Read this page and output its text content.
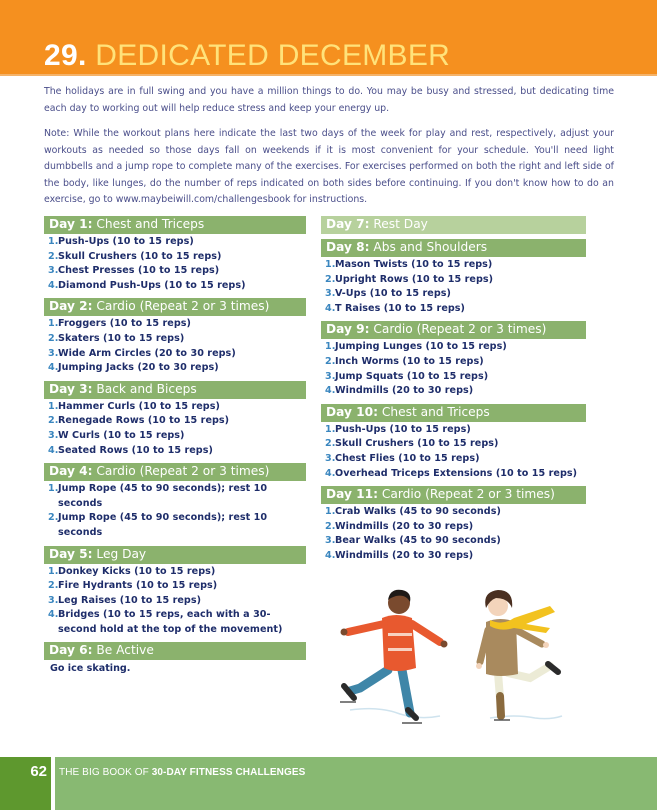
29. DEDICATED DECEMBER

The holidays are in full swing and you have a million things to do. You may be busy and stressed, but dedicating time each day to working out will help reduce stress and keep your energy up.

Note: While the workout plans here indicate the last two days of the week for play and rest, respectively, adjust your workouts as needed so those days fall on weekends if it is most convenient for your schedule. You'll need light dumbbells and a jump rope to complete many of the exercises. For exercises performed on both the right and left side of the body, like lunges, do the number of reps indicated on both sides before continuing. If you don't know how to do an exercise, go to www.maybeiwill.com/challengesbook for instructions.

Day 1: Chest and Triceps
1. Push-Ups (10 to 15 reps)
2. Skull Crushers (10 to 15 reps)
3. Chest Presses (10 to 15 reps)
4. Diamond Push-Ups (10 to 15 reps)
Day 2: Cardio (Repeat 2 or 3 times)
1. Froggers (10 to 15 reps)
2. Skaters (10 to 15 reps)
3. Wide Arm Circles (20 to 30 reps)
4. Jumping Jacks (20 to 30 reps)
Day 3: Back and Biceps
1. Hammer Curls (10 to 15 reps)
2. Renegade Rows (10 to 15 reps)
3. W Curls (10 to 15 reps)
4. Seated Rows (10 to 15 reps)
Day 4: Cardio (Repeat 2 or 3 times)
1. Jump Rope (45 to 90 seconds); rest 10 seconds
2. Jump Rope (45 to 90 seconds); rest 10 seconds
Day 5: Leg Day
1. Donkey Kicks (10 to 15 reps)
2. Fire Hydrants (10 to 15 reps)
3. Leg Raises (10 to 15 reps)
4. Bridges (10 to 15 reps, each with a 30-second hold at the top of the movement)
Day 6: Be Active
Go ice skating.
Day 7: Rest Day
Day 8: Abs and Shoulders
1. Mason Twists (10 to 15 reps)
2. Upright Rows (10 to 15 reps)
3. V-Ups (10 to 15 reps)
4. T Raises (10 to 15 reps)
Day 9: Cardio (Repeat 2 or 3 times)
1. Jumping Lunges (10 to 15 reps)
2. Inch Worms (10 to 15 reps)
3. Jump Squats (10 to 15 reps)
4. Windmills (20 to 30 reps)
Day 10: Chest and Triceps
1. Push-Ups (10 to 15 reps)
2. Skull Crushers (10 to 15 reps)
3. Chest Flies (10 to 15 reps)
4. Overhead Triceps Extensions (10 to 15 reps)
Day 11: Cardio (Repeat 2 or 3 times)
1. Crab Walks (45 to 90 seconds)
2. Windmills (20 to 30 reps)
3. Bear Walks (45 to 90 seconds)
4. Windmills (20 to 30 reps)
62 THE BIG BOOK OF 30-DAY FITNESS CHALLENGES
